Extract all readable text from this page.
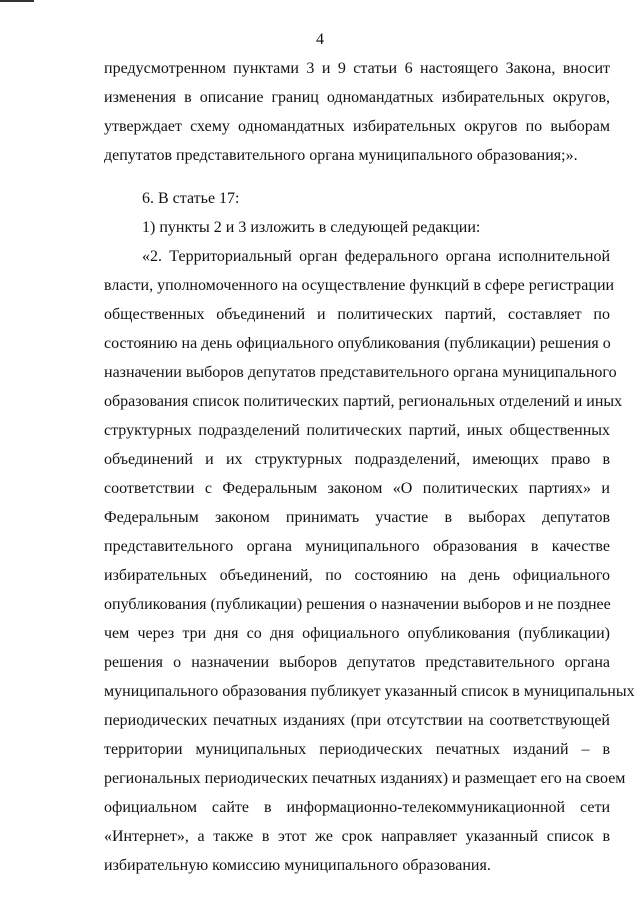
4
предусмотренном пунктами 3 и 9 статьи 6 настоящего Закона, вносит
изменения в описание границ одномандатных избирательных округов,
утверждает схему одномандатных избирательных округов по выборам
депутатов представительного органа муниципального образования;».
6. В статье 17:
1) пункты 2 и 3 изложить в следующей редакции:
«2. Территориальный орган федерального органа исполнительной
власти, уполномоченного на осуществление функций в сфере регистрации
общественных объединений и политических партий, составляет по
состоянию на день официального опубликования (публикации) решения о
назначении выборов депутатов представительного органа муниципального
образования список политических партий, региональных отделений и иных
структурных подразделений политических партий, иных общественных
объединений и их структурных подразделений, имеющих право в
соответствии с Федеральным законом «О политических партиях» и
Федеральным законом принимать участие в выборах депутатов
представительного органа муниципального образования в качестве
избирательных объединений, по состоянию на день официального
опубликования (публикации) решения о назначении выборов и не позднее
чем через три дня со дня официального опубликования (публикации)
решения о назначении выборов депутатов представительного органа
муниципального образования публикует указанный список в муниципальных
периодических печатных изданиях (при отсутствии на соответствующей
территории муниципальных периодических печатных изданий – в
региональных периодических печатных изданиях) и размещает его на своем
официальном сайте в информационно-телекоммуникационной сети
«Интернет», а также в этот же срок направляет указанный список в
избирательную комиссию муниципального образования.
